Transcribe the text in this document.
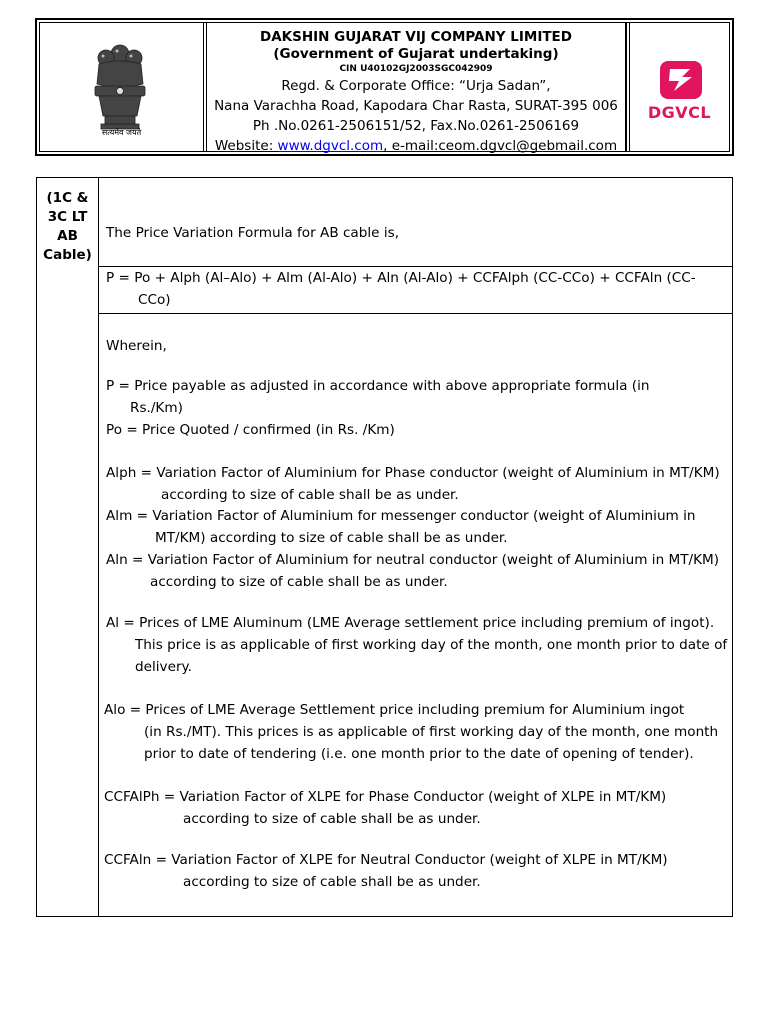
सत्यमेव जयते
DAKSHIN GUJARAT VIJ COMPANY LIMITED
(Government of Gujarat undertaking)
CIN U40102GJ2003SGC042909
Regd. & Corporate Office: “Urja Sadan”,
Nana Varachha Road, Kapodara Char Rasta, SURAT-395 006
Ph .No.0261-2506151/52, Fax.No.0261-2506169
Website: www.dgvcl.com, e-mail:ceom.dgvcl@gebmail.com
DGVCL
(1C &
3C LT
AB
Cable)
The Price Variation Formula for AB cable is,
P = Po + Alph (Al–Alo) + Alm (Al-Alo) + Aln (Al-Alo) + CCFAlph (CC-CCo) + CCFAln (CC-
CCo)
Wherein,
P = Price payable as adjusted in accordance with above appropriate formula (in
Rs./Km)
Po = Price Quoted / confirmed (in Rs. /Km)
Alph = Variation Factor of Aluminium for Phase conductor (weight of Aluminium in MT/KM)
according to size of cable shall be as under.
Alm = Variation Factor of Aluminium for messenger conductor (weight of Aluminium in
MT/KM) according to size of cable shall be as under.
Aln = Variation Factor of Aluminium for neutral conductor (weight of Aluminium in MT/KM)
according to size of cable shall be as under.
Al = Prices of LME Aluminum (LME Average settlement price including premium of ingot).
This price is as applicable of first working day of the month, one month prior to date of
delivery.
Alo = Prices of LME Average Settlement price including premium for Aluminium ingot
(in Rs./MT). This prices is as applicable of first working day of the month, one month
prior to date of tendering (i.e. one month prior to the date of opening of tender).
CCFAlPh = Variation Factor of XLPE for Phase Conductor (weight of XLPE in MT/KM)
according to size of cable shall be as under.
CCFAln = Variation Factor of XLPE for Neutral Conductor (weight of XLPE in MT/KM)
according to size of cable shall be as under.
